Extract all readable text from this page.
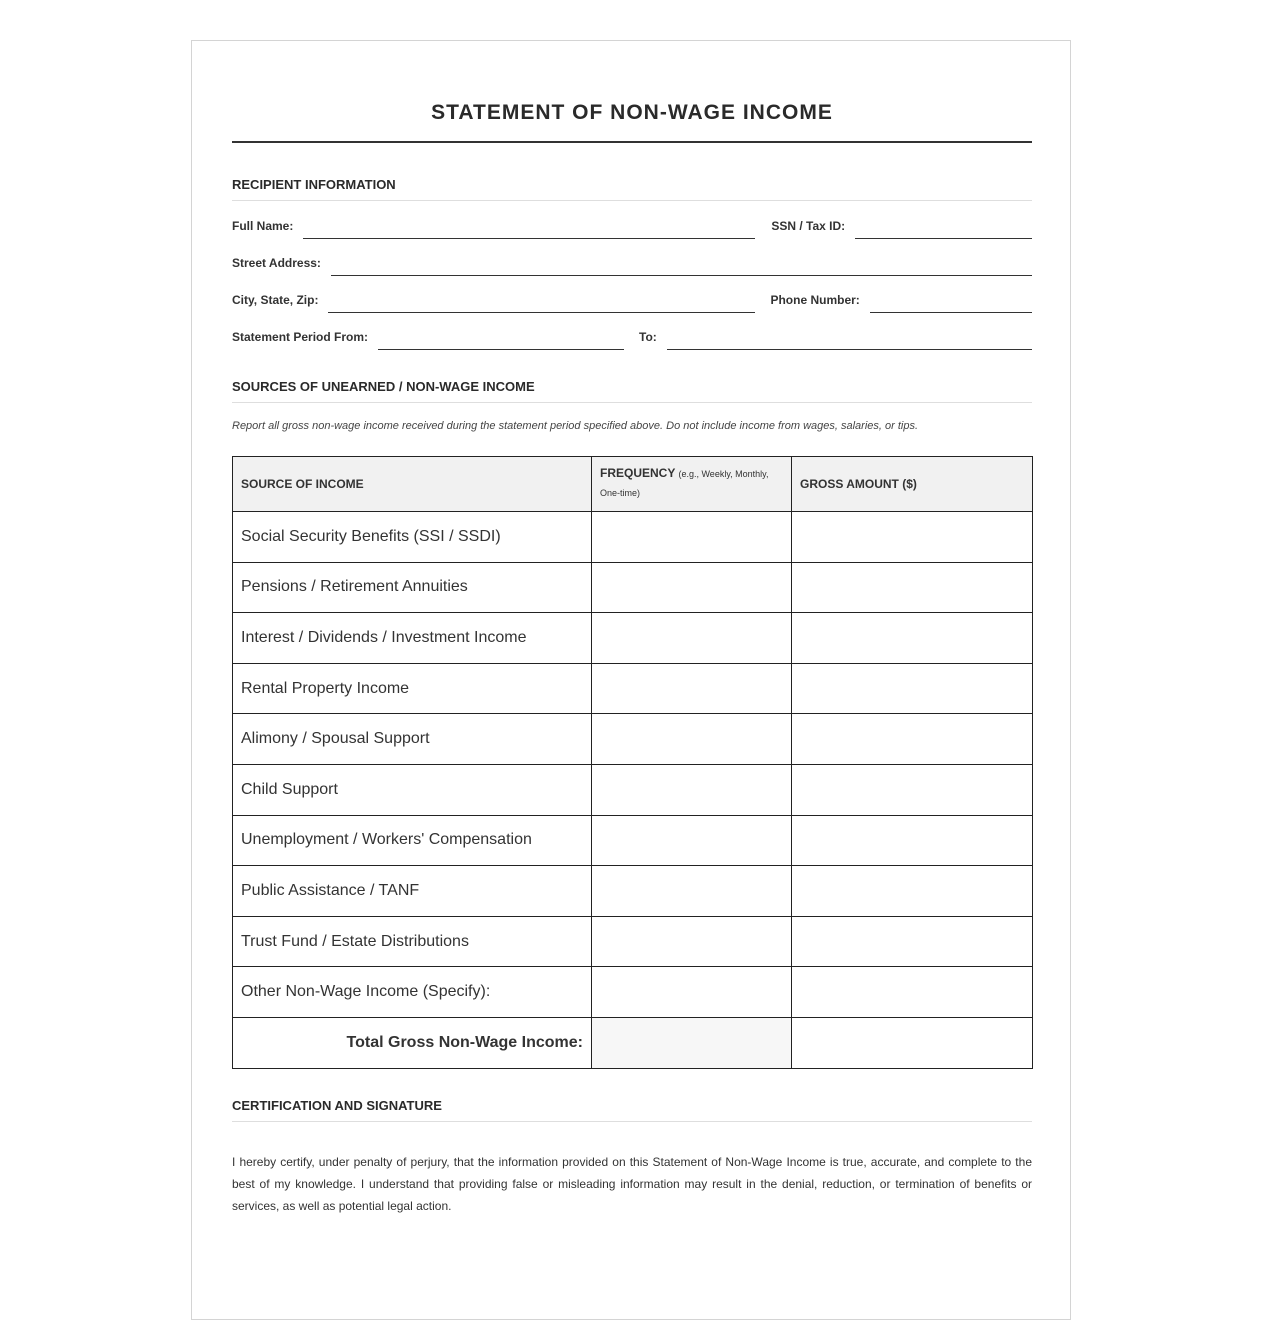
STATEMENT OF NON-WAGE INCOME
RECIPIENT INFORMATION
Full Name:	SSN / Tax ID:
Street Address:
City, State, Zip:	Phone Number:
Statement Period From:	To:
SOURCES OF UNEARNED / NON-WAGE INCOME
Report all gross non-wage income received during the statement period specified above. Do not include income from wages, salaries, or tips.
SOURCE OF INCOME	FREQUENCY (e.g., Weekly, Monthly, One-time)	GROSS AMOUNT ($)
Social Security Benefits (SSI / SSDI)		
Pensions / Retirement Annuities		
Interest / Dividends / Investment Income		
Rental Property Income		
Alimony / Spousal Support		
Child Support		
Unemployment / Workers' Compensation		
Public Assistance / TANF		
Trust Fund / Estate Distributions		
Other Non-Wage Income (Specify):		
Total Gross Non-Wage Income:		
CERTIFICATION AND SIGNATURE
I hereby certify, under penalty of perjury, that the information provided on this Statement of Non-Wage Income is true, accurate, and complete to the best of my knowledge. I understand that providing false or misleading information may result in the denial, reduction, or termination of benefits or services, as well as potential legal action.
